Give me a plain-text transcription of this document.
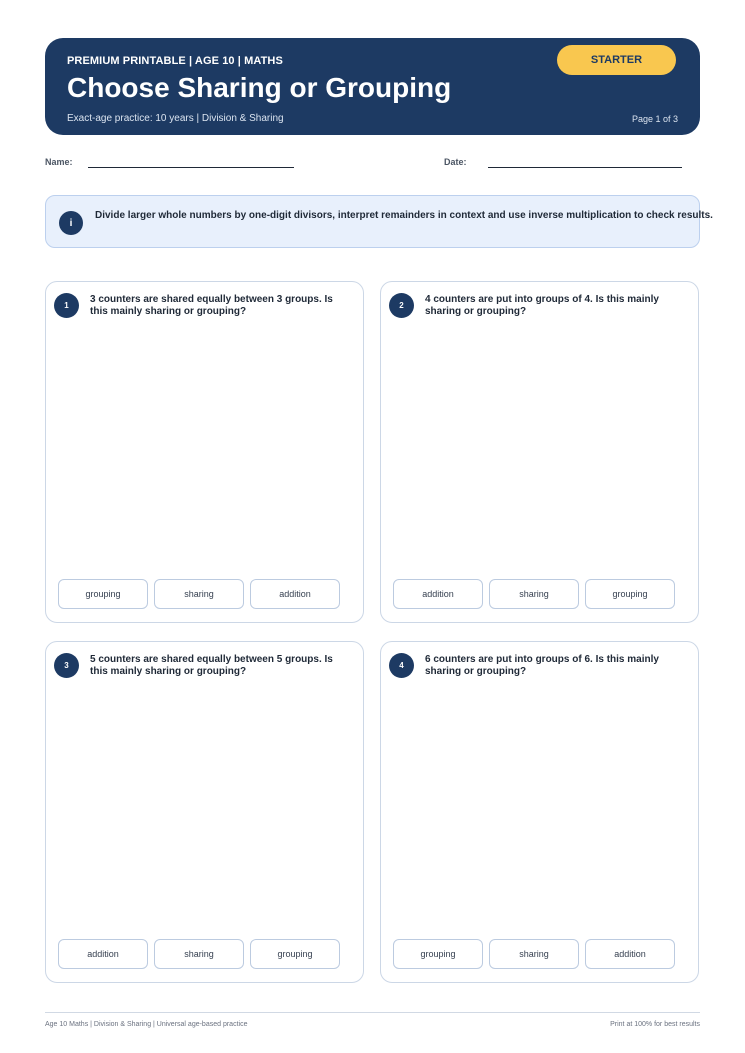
PREMIUM PRINTABLE | AGE 10 | MATHS
Choose Sharing or Grouping
Exact-age practice: 10 years | Division & Sharing	Page 1 of 3
STARTER
Name:	Date:
i
Divide larger whole numbers by one-digit divisors, interpret remainders in context and use inverse multiplication to check results.
1
3 counters are shared equally between 3 groups. Is this mainly sharing or grouping?
grouping	sharing	addition
2
4 counters are put into groups of 4. Is this mainly sharing or grouping?
addition	sharing	grouping
3
5 counters are shared equally between 5 groups. Is this mainly sharing or grouping?
addition	sharing	grouping
4
6 counters are put into groups of 6. Is this mainly sharing or grouping?
grouping	sharing	addition
Age 10 Maths | Division & Sharing | Universal age-based practice	Print at 100% for best results
